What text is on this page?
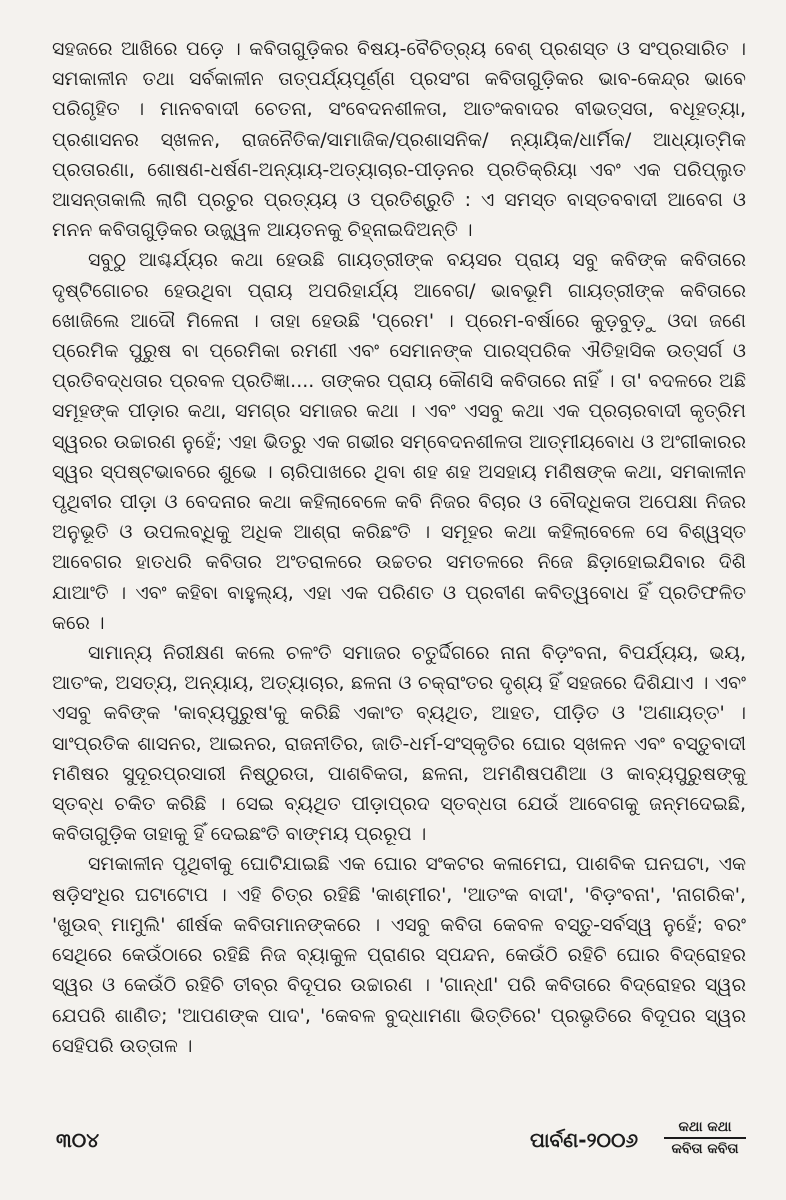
ସହଜରେ ଆଖିରେ ପଡ଼େ । କବିତାଗୁଡ଼ିକର ବିଷୟ-ବୈଚିତ୍ର୍ୟ ବେଶ୍ ପ୍ରଶସ୍ତ ଓ ସଂପ୍ରସାରିତ । ସମକାଳୀନ ତଥା ସର୍ବକାଳୀନ ତାତ୍ପର୍ଯ୍ୟପୂର୍ଣ୍ଣ ପ୍ରସଂଗ କବିତାଗୁଡ଼ିକର ଭାବ-କେନ୍ଦ୍ର ଭାବେ ପରିଗୃହିତ । ମାନବବାଦୀ ଚେତନା, ସଂବେଦନଶୀଳତା, ଆତଂକବାଦର ବୀଭତ୍ସତା, ବଧୂହତ୍ୟା, ପ୍ରଶାସନର ସ୍ଖଳନ, ରାଜନୈତିକ/ସାମାଜିକ/ପ୍ରଶାସନିକ/ ନ୍ୟାୟିକ/ଧାର୍ମିକ/ ଆଧ୍ୟାତ୍ମିକ ପ୍ରତାରଣା, ଶୋଷଣ-ଧର୍ଷଣ-ଅନ୍ୟାୟ-ଅତ୍ୟାଚାର-ପୀଡ଼ନର ପ୍ରତିକ୍ରିୟା ଏବଂ ଏକ ପରିପ୍ଲୁତ ଆସନ୍ତାକାଲି ଲାଗି ପ୍ରଚୁର ପ୍ରତ୍ୟୟ ଓ ପ୍ରତିଶ୍ରୁତି : ଏ ସମସ୍ତ ବାସ୍ତବବାଦୀ ଆବେଗ ଓ ମନନ କବିତାଗୁଡ଼ିକର ଉଜ୍ଜ୍ୱଳ ଆୟତନକୁ ଚିହ୍ନାଇଦିଅନ୍ତି ।

ସବୁଠୁ ଆଶ୍ଚର୍ଯ୍ୟର କଥା ହେଉଛି ଗାୟତ୍ରୀଙ୍କ ବୟସର ପ୍ରାୟ ସବୁ କବିଙ୍କ କବିତାରେ ଦୃଷ୍ଟିଗୋଚର ହେଉଥିବା ପ୍ରାୟ ଅପରିହାର୍ଯ୍ୟ ଆବେଗ/ ଭାବଭୂମି ଗାୟତ୍ରୀଙ୍କ କବିତାରେ ଖୋଜିଲେ ଆଦୌ ମିଳେନା । ତାହା ହେଉଛି 'ପ୍ରେମ' । ପ୍ରେମ-ବର୍ଷାରେ କୁଡ଼ବୁଡ଼ୁ ଓଦା ଜଣେ ପ୍ରେମିକ ପୁରୁଷ ବା ପ୍ରେମିକା ରମଣୀ ଏବଂ ସେମାନଙ୍କ ପାରସ୍ପରିକ ଐତିହାସିକ ଉତ୍ସର୍ଗ ଓ ପ୍ରତିବଦ୍ଧତାର ପ୍ରବଳ ପ୍ରତିଜ୍ଞା.... ତାଙ୍କର ପ୍ରାୟ କୌଣସି କବିତାରେ ନାହିଁ । ତା' ବଦଳରେ ଅଛି ସମୂହଙ୍କ ପୀଡ଼ାର କଥା, ସମଗ୍ର ସମାଜର କଥା । ଏବଂ ଏସବୁ କଥା ଏକ ପ୍ରଚାରବାଦୀ କୃତ୍ରିମ ସ୍ୱରର ଉଚ୍ଚାରଣ ନୁହେଁ; ଏହା ଭିତରୁ ଏକ ଗଭୀର ସମ୍ବେଦନଶୀଳତା ଆତ୍ମୀୟବୋଧ ଓ ଅଂଗୀକାରର ସ୍ୱର ସ୍ପଷ୍ଟଭାବରେ ଶୁଭେ । ଚାରିପାଖରେ ଥିବା ଶହ ଶହ ଅସହାୟ ମଣିଷଙ୍କ କଥା, ସମକାଳୀନ ପୃଥିବୀର ପୀଡ଼ା ଓ ବେଦନାର କଥା କହିଲାବେଳେ କବି ନିଜର ବିଚାର ଓ ବୌଦ୍ଧିକତା ଅପେକ୍ଷା ନିଜର ଅନୁଭୂତି ଓ ଉପଲବ୍ଧିକୁ ଅଧିକ ଆଶ୍ରା କରିଛଂତି । ସମୂହର କଥା କହିଲାବେଳେ ସେ ବିଶ୍ୱସ୍ତ ଆବେଗର ହାତଧରି କବିତାର ଅଂତରାଳରେ ଉଚ୍ଚତର ସମତଳରେ ନିଜେ ଛିଡ଼ାହୋଇଯିବାର ଦିଶି ଯାଆଂତି । ଏବଂ କହିବା ବାହୁଲ୍ୟ, ଏହା ଏକ ପରିଣତ ଓ ପ୍ରବୀଣ କବିତ୍ୱବୋଧ ହିଁ ପ୍ରତିଫଳିତ କରେ ।

ସାମାନ୍ୟ ନିରୀକ୍ଷଣ କଲେ ଚଳଂତି ସମାଜର ଚତୁର୍ଦ୍ଦିଗରେ ନାନା ବିଡ଼ଂବନା, ବିପର୍ଯ୍ୟୟ, ଭୟ, ଆତଂକ, ଅସତ୍ୟ, ଅନ୍ୟାୟ, ଅତ୍ୟାଚାର, ଛଳନା ଓ ଚକ୍ରାଂତର ଦୃଶ୍ୟ ହିଁ ସହଜରେ ଦିଶିଯାଏ । ଏବଂ ଏସବୁ କବିଙ୍କ 'କାବ୍ୟପୁରୁଷ'କୁ କରିଛି ଏକାଂତ ବ୍ୟଥିତ, ଆହତ, ପୀଡ଼ିତ ଓ 'ଅଣାୟତ୍ତ' । ସାଂପ୍ରତିକ ଶାସନର, ଆଇନର, ରାଜନୀତିର, ଜାତି-ଧର୍ମ-ସଂସ୍କୃତିର ଘୋର ସ୍ଖଳନ ଏବଂ ବସ୍ତୁବାଦୀ ମଣିଷର ସୁଦୂରପ୍ରସାରୀ ନିଷ୍ଠୁରତା, ପାଶବିକତା, ଛଳନା, ଅମଣିଷପଣିଆ ଓ କାବ୍ୟପୁରୁଷଙ୍କୁ ସ୍ତବ୍ଧ ଚକିତ କରିଛି । ସେଇ ବ୍ୟଥିତ ପୀଡ଼ାପ୍ରଦ ସ୍ତବ୍ଧତା ଯେଉଁ ଆବେଗକୁ ଜନ୍ମଦେଇଛି, କବିତାଗୁଡ଼ିକ ତାହାକୁ ହିଁ ଦେଇଛଂତି ବାଙ୍ମୟ ପ୍ରରୂପ ।

ସମକାଳୀନ ପୃଥିବୀକୁ ଘୋଟିଯାଇଛି ଏକ ଘୋର ସଂକଟର କଳାମେଘ, ପାଶବିକ ଘନଘଟା, ଏକ ଷଡ଼ିସଂଧିର ଘଟାଟୋପ । ଏହି ଚିତ୍ର ରହିଛି 'କାଶ୍ମୀର', 'ଆତଂକ ବାଦୀ', 'ବିଡ଼ଂବନା', 'ନାଗରିକ', 'ଖୁଉବ୍ ମାମୁଲି' ଶୀର୍ଷକ କବିତାମାନଙ୍କରେ । ଏସବୁ କବିତା କେବଳ ବସ୍ତୁ-ସର୍ବସ୍ୱ ନୁହେଁ; ବରଂ ସେଥିରେ କେଉଁଠାରେ ରହିଛି ନିଜ ବ୍ୟାକୁଳ ପ୍ରାଣର ସ୍ପନ୍ଦନ, କେଉଁଠି ରହିଚି ଘୋର ବିଦ୍ରୋହର ସ୍ୱର ଓ କେଉଁଠି ରହିଚି ତୀବ୍ର ବିଦୂପର ଉଚ୍ଚାରଣ । 'ଗାନ୍ଧୀ' ପରି କବିତାରେ ବିଦ୍ରୋହର ସ୍ୱର ଯେପରି ଶାଣିତ; 'ଆପଣଙ୍କ ପାଦ', 'କେବଳ ବୁଦ୍ଧାମଣା ଭିତ୍ତିରେ' ପ୍ରଭୃତିରେ ବିଦୂପର ସ୍ୱର ସେହିପରି ଉତ୍ତାଳ ।

୩୦୪	ପାର୍ବଣ-୨୦୦୬
କଥା କଥା
କବିତା କବିତା
